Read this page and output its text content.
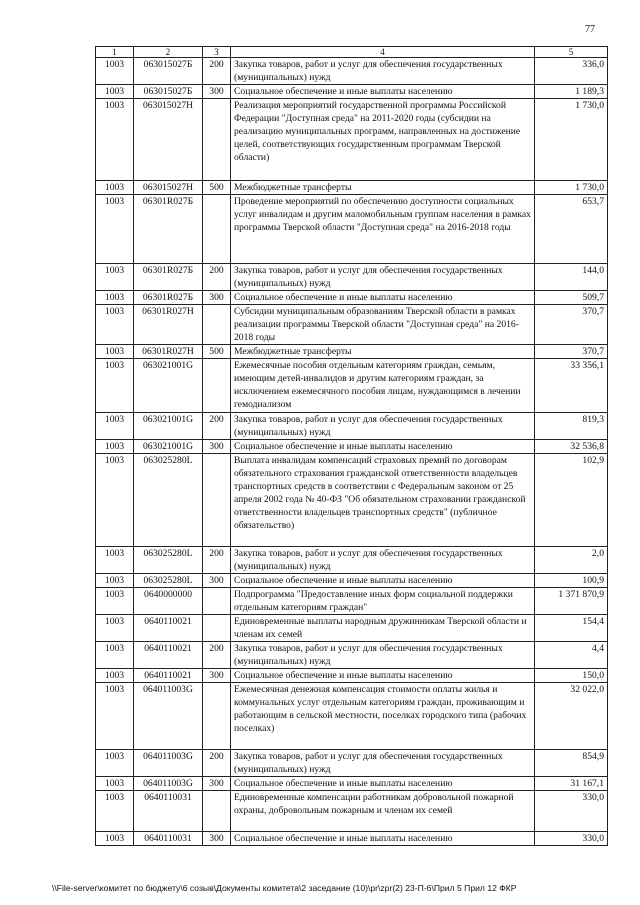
77
1	2	3	4	5
1003	063015027Б	200	Закупка товаров, работ и услуг для обеспечения государственных (муниципальных) нужд	336,0
1003	063015027Б	300	Социальное обеспечение и иные выплаты населению	1 189,3
1003	063015027Н		Реализация мероприятий государственной программы Российской Федерации "Доступная среда" на 2011-2020 годы (субсидии на реализацию муниципальных программ, направленных на достижение целей, соответствующих государственным программам Тверской области)	1 730,0
1003	063015027Н	500	Межбюджетные трансферты	1 730,0
1003	06301R027Б		Проведение мероприятий по обеспечению доступности социальных услуг инвалидам и другим маломобильным группам населения в рамках программы Тверской области "Доступная среда" на 2016-2018 годы	653,7
1003	06301R027Б	200	Закупка товаров, работ и услуг для обеспечения государственных (муниципальных) нужд	144,0
1003	06301R027Б	300	Социальное обеспечение и иные выплаты населению	509,7
1003	06301R027Н		Субсидии муниципальным образованиям Тверской области в рамках реализации программы Тверской области "Доступная среда" на 2016-2018 годы	370,7
1003	06301R027Н	500	Межбюджетные трансферты	370,7
1003	063021001G		Ежемесячные пособия отдельным категориям граждан, семьям, имеющим детей-инвалидов и другим категориям граждан, за исключением ежемесячного пособия лицам, нуждающимся в лечении гемодиализом	33 356,1
1003	063021001G	200	Закупка товаров, работ и услуг для обеспечения государственных (муниципальных) нужд	819,3
1003	063021001G	300	Социальное обеспечение и иные выплаты населению	32 536,8
1003	063025280L		Выплата инвалидам компенсаций страховых премий по договорам обязательного страхования гражданской ответственности владельцев транспортных средств в соответствии с Федеральным законом от 25 апреля 2002 года № 40-ФЗ "Об обязательном страховании гражданской ответственности владельцев транспортных средств" (публичное обязательство)	102,9
1003	063025280L	200	Закупка товаров, работ и услуг для обеспечения государственных (муниципальных) нужд	2,0
1003	063025280L	300	Социальное обеспечение и иные выплаты населению	100,9
1003	0640000000		Подпрограмма "Предоставление иных форм социальной поддержки отдельным категориям граждан"	1 371 870,9
1003	0640110021		Единовременные выплаты народным дружинникам Тверской области и членам их семей	154,4
1003	0640110021	200	Закупка товаров, работ и услуг для обеспечения государственных (муниципальных) нужд	4,4
1003	0640110021	300	Социальное обеспечение и иные выплаты населению	150,0
1003	064011003G		Ежемесячная денежная компенсация стоимости оплаты жилья и коммунальных услуг отдельным категориям граждан, проживающим и работающим в сельской местности, поселках городского типа (рабочих поселках)	32 022,0
1003	064011003G	200	Закупка товаров, работ и услуг для обеспечения государственных (муниципальных) нужд	854,9
1003	064011003G	300	Социальное обеспечение и иные выплаты населению	31 167,1
1003	0640110031		Единовременные компенсации работникам добровольной пожарной охраны, добровольным пожарным и членам их семей	330,0
1003	0640110031	300	Социальное обеспечение и иные выплаты населению	330,0
\\File-server\комитет по бюджету\6 созыв\Документы комитета\2 заседание (10)\pr\zpr(2) 23-П-6\Прил 5 Прил 12 ФКР
